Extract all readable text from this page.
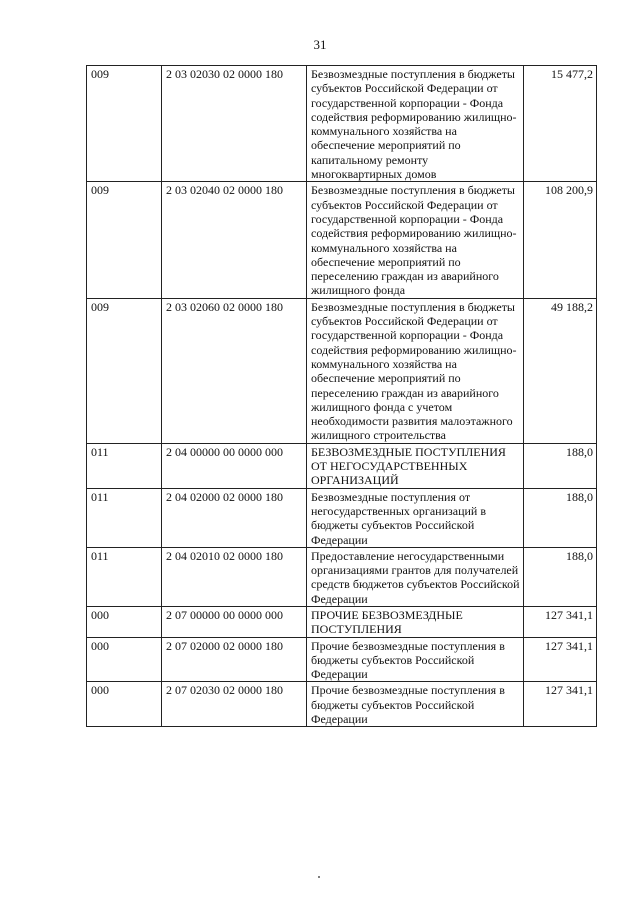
31
009	2 03 02030 02 0000 180	Безвозмездные поступления в бюджеты субъектов Российской Федерации от государственной корпорации - Фонда содействия реформированию жилищно-коммунального хозяйства на обеспечение мероприятий по капитальному ремонту многоквартирных домов	15 477,2
009	2 03 02040 02 0000 180	Безвозмездные поступления в бюджеты субъектов Российской Федерации от государственной корпорации - Фонда содействия реформированию жилищно-коммунального хозяйства на обеспечение мероприятий по переселению граждан из аварийного жилищного фонда	108 200,9
009	2 03 02060 02 0000 180	Безвозмездные поступления в бюджеты субъектов Российской Федерации от государственной корпорации - Фонда содействия реформированию жилищно-коммунального хозяйства на обеспечение мероприятий по переселению граждан из аварийного жилищного фонда с учетом необходимости развития малоэтажного жилищного строительства	49 188,2
011	2 04 00000 00 0000 000	БЕЗВОЗМЕЗДНЫЕ ПОСТУПЛЕНИЯ ОТ НЕГОСУДАРСТВЕННЫХ ОРГАНИЗАЦИЙ	188,0
011	2 04 02000 02 0000 180	Безвозмездные поступления от негосударственных организаций в бюджеты субъектов Российской Федерации	188,0
011	2 04 02010 02 0000 180	Предоставление негосударственными организациями грантов для получателей средств бюджетов субъектов Российской Федерации	188,0
000	2 07 00000 00 0000 000	ПРОЧИЕ БЕЗВОЗМЕЗДНЫЕ ПОСТУПЛЕНИЯ	127 341,1
000	2 07 02000 02 0000 180	Прочие безвозмездные поступления в бюджеты субъектов Российской Федерации	127 341,1
000	2 07 02030 02 0000 180	Прочие безвозмездные поступления в бюджеты субъектов Российской Федерации	127 341,1
